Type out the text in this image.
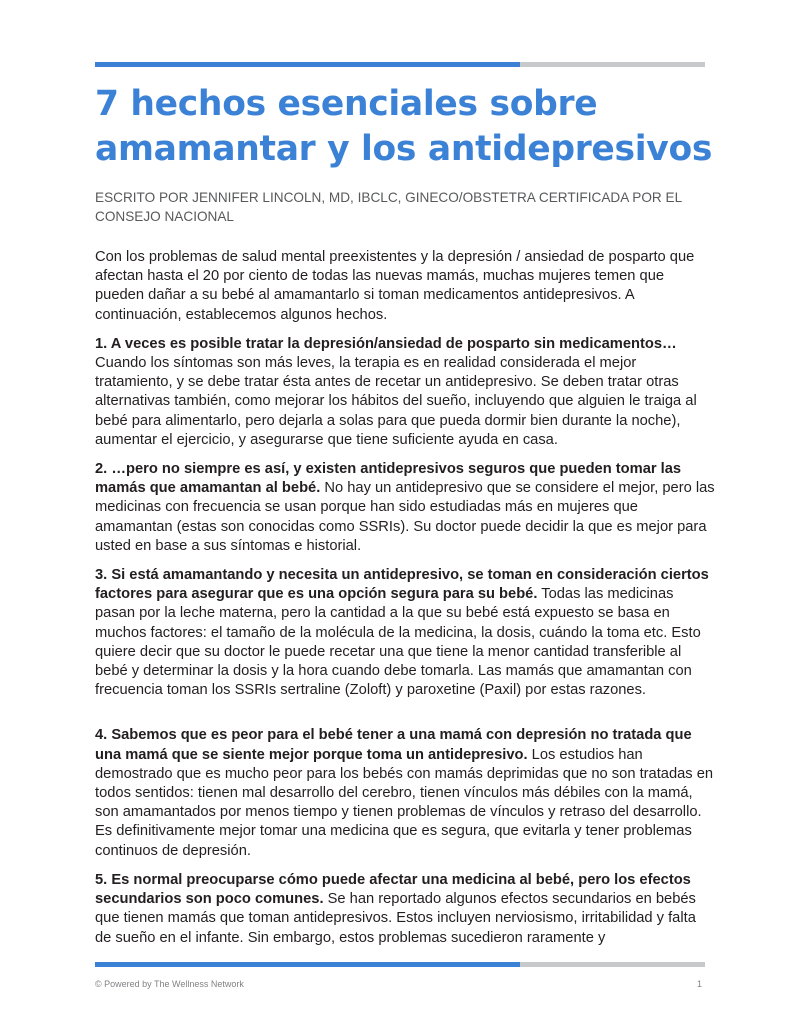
7 hechos esenciales sobre amamantar y los antidepresivos

ESCRITO POR JENNIFER LINCOLN, MD, IBCLC, GINECO/OBSTETRA CERTIFICADA POR EL CONSEJO NACIONAL

Con los problemas de salud mental preexistentes y la depresión / ansiedad de posparto que afectan hasta el 20 por ciento de todas las nuevas mamás, muchas mujeres temen que pueden dañar a su bebé al amamantarlo si toman medicamentos antidepresivos. A continuación, establecemos algunos hechos.

1. A veces es posible tratar la depresión/ansiedad de posparto sin medicamentos… Cuando los síntomas son más leves, la terapia es en realidad considerada el mejor tratamiento, y se debe tratar ésta antes de recetar un antidepresivo. Se deben tratar otras alternativas también, como mejorar los hábitos del sueño, incluyendo que alguien le traiga al bebé para alimentarlo, pero dejarla a solas para que pueda dormir bien durante la noche), aumentar el ejercicio, y asegurarse que tiene suficiente ayuda en casa.

2. …pero no siempre es así, y existen antidepresivos seguros que pueden tomar las mamás que amamantan al bebé. No hay un antidepresivo que se considere el mejor, pero las medicinas con frecuencia se usan porque han sido estudiadas más en mujeres que amamantan (estas son conocidas como SSRIs). Su doctor puede decidir la que es mejor para usted en base a sus síntomas e historial.

3. Si está amamantando y necesita un antidepresivo, se toman en consideración ciertos factores para asegurar que es una opción segura para su bebé. Todas las medicinas pasan por la leche materna, pero la cantidad a la que su bebé está expuesto se basa en muchos factores: el tamaño de la molécula de la medicina, la dosis, cuándo la toma etc. Esto quiere decir que su doctor le puede recetar una que tiene la menor cantidad transferible al bebé y determinar la dosis y la hora cuando debe tomarla. Las mamás que amamantan con frecuencia toman los SSRIs sertraline (Zoloft) y paroxetine (Paxil) por estas razones.

4. Sabemos que es peor para el bebé tener a una mamá con depresión no tratada que una mamá que se siente mejor porque toma un antidepresivo. Los estudios han demostrado que es mucho peor para los bebés con mamás deprimidas que no son tratadas en todos sentidos: tienen mal desarrollo del cerebro, tienen vínculos más débiles con la mamá, son amamantados por menos tiempo y tienen problemas de vínculos y retraso del desarrollo. Es definitivamente mejor tomar una medicina que es segura, que evitarla y tener problemas continuos de depresión.

5. Es normal preocuparse cómo puede afectar una medicina al bebé, pero los efectos secundarios son poco comunes. Se han reportado algunos efectos secundarios en bebés que tienen mamás que toman antidepresivos. Estos incluyen nerviosismo, irritabilidad y falta de sueño en el infante. Sin embargo, estos problemas sucedieron raramente y

© Powered by The Wellness Network	1
